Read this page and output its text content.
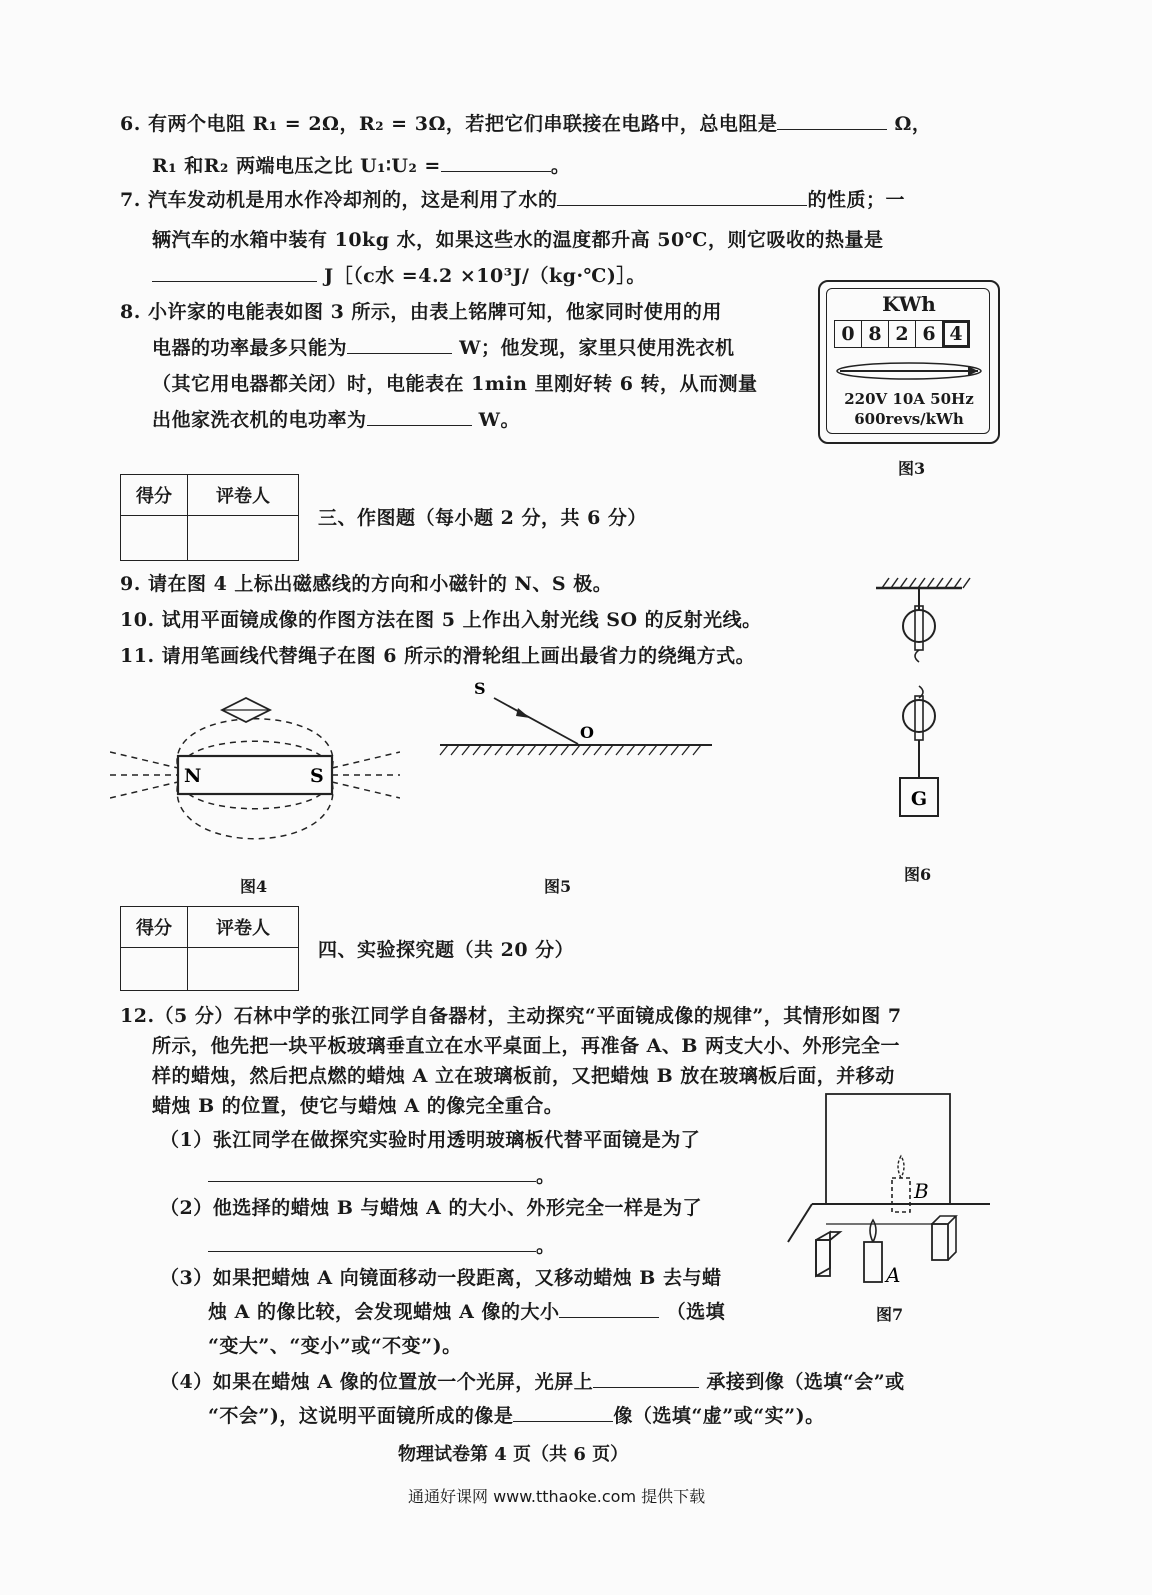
6. 有两个电阻 R₁ = 2Ω，R₂ = 3Ω，若把它们串联接在电路中，总电阻是	Ω，
R₁ 和R₂ 两端电压之比 U₁∶U₂ =	。
7. 汽车发动机是用水作冷却剂的，这是利用了水的	的性质；一
辆汽车的水箱中装有 10kg 水，如果这些水的温度都升高 50℃，则它吸收的热量是
J［（c水 =4.2 ×10³J/（kg·℃)］。
8. 小许家的电能表如图 3 所示，由表上铭牌可知，他家同时使用的用
电器的功率最多只能为	W；他发现，家里只使用洗衣机
（其它用电器都关闭）时，电能表在 1min 里刚好转 6 转，从而测量
出他家洗衣机的电功率为	W。
KWh
0 8 2 6 4
220V 10A 50Hz
600revs/kWh
图3
得分	评卷人

三、作图题（每小题 2 分，共 6 分）
9. 请在图 4 上标出磁感线的方向和小磁针的 N、S 极。
10. 试用平面镜成像的作图方法在图 5 上作出入射光线 SO 的反射光线。
11. 请用笔画线代替绳子在图 6 所示的滑轮组上画出最省力的绕绳方式。
N	S
图4
S
O
图5
G
图6
得分	评卷人

四、实验探究题（共 20 分）
12.（5 分）石林中学的张江同学自备器材，主动探究“平面镜成像的规律”，其情形如图 7
所示，他先把一块平板玻璃垂直立在水平桌面上，再准备 A、B 两支大小、外形完全一
样的蜡烛，然后把点燃的蜡烛 A 立在玻璃板前，又把蜡烛 B 放在玻璃板后面，并移动
蜡烛 B 的位置，使它与蜡烛 A 的像完全重合。
（1）张江同学在做探究实验时用透明玻璃板代替平面镜是为了
。
（2）他选择的蜡烛 B 与蜡烛 A 的大小、外形完全一样是为了
。
（3）如果把蜡烛 A 向镜面移动一段距离，又移动蜡烛 B 去与蜡
烛 A 的像比较，会发现蜡烛 A 像的大小	（选填
“变大”、“变小”或“不变”)。
（4）如果在蜡烛 A 像的位置放一个光屏，光屏上	承接到像（选填“会”或
“不会”)，这说明平面镜所成的像是	像（选填“虚”或“实”)。
B
A
图7
物理试卷第 4 页（共 6 页）
通通好课网 www.tthaoke.com 提供下载
